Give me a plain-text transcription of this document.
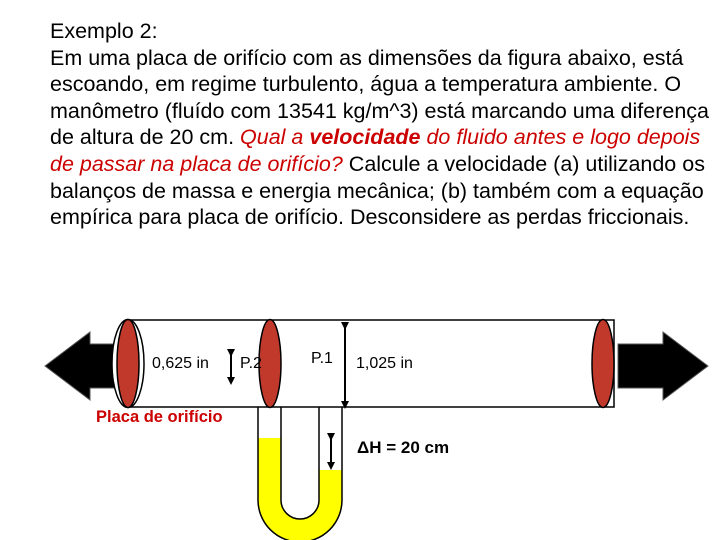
Exemplo 2:

Em uma placa de orifício com as dimensões da figura abaixo, está escoando, em regime turbulento, água a temperatura ambiente. O manômetro (fluído com 13541 kg/m^3) está marcando uma diferença de altura de 20 cm. Qual a velocidade do fluido antes e logo depois de passar na placa de orifício? Calcule a velocidade (a) utilizando os balanços de massa e energia mecânica; (b) também com a equação empírica para placa de orifício. Desconsidere as perdas friccionais.

0,625 in P.2	P.1 1,025 in
Placa de orifício
ΔH = 20 cm
